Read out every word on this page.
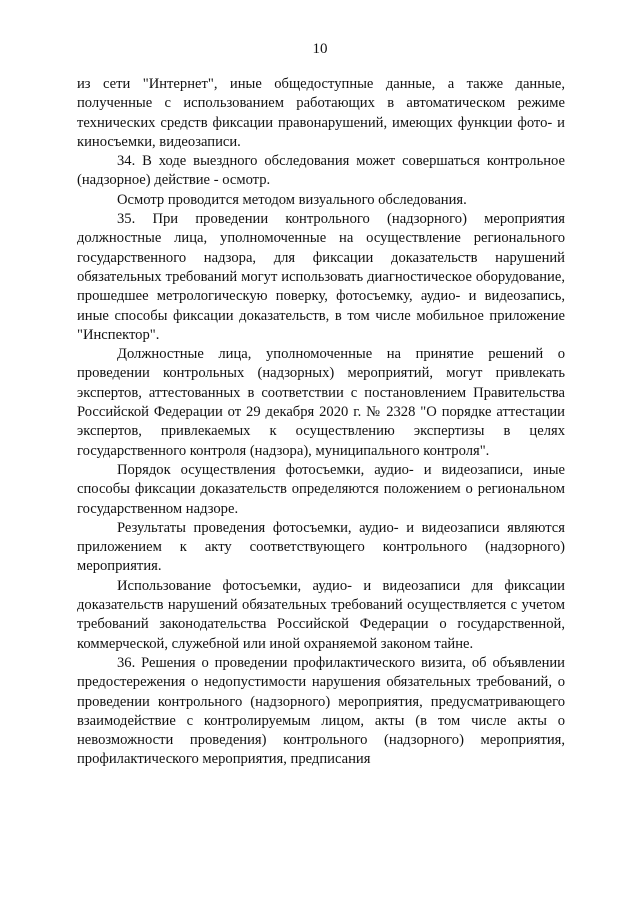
10

из сети "Интернет", иные общедоступные данные, а также данные, полученные с использованием работающих в автоматическом режиме технических средств фиксации правонарушений, имеющих функции фото- и киносъемки, видеозаписи.

34. В ходе выездного обследования может совершаться контрольное (надзорное) действие - осмотр.

Осмотр проводится методом визуального обследования.

35. При проведении контрольного (надзорного) мероприятия должностные лица, уполномоченные на осуществление регионального государственного надзора, для фиксации доказательств нарушений обязательных требований могут использовать диагностическое оборудование, прошедшее метрологическую поверку, фотосъемку, аудио- и видеозапись, иные способы фиксации доказательств, в том числе мобильное приложение "Инспектор".

Должностные лица, уполномоченные на принятие решений о проведении контрольных (надзорных) мероприятий, могут привлекать экспертов, аттестованных в соответствии с постановлением Правительства Российской Федерации от 29 декабря 2020 г. № 2328 "О порядке аттестации экспертов, привлекаемых к осуществлению экспертизы в целях государственного контроля (надзора), муниципального контроля".

Порядок осуществления фотосъемки, аудио- и видеозаписи, иные способы фиксации доказательств определяются положением о региональном государственном надзоре.

Результаты проведения фотосъемки, аудио- и видеозаписи являются приложением к акту соответствующего контрольного (надзорного) мероприятия.

Использование фотосъемки, аудио- и видеозаписи для фиксации доказательств нарушений обязательных требований осуществляется с учетом требований законодательства Российской Федерации о государственной, коммерческой, служебной или иной охраняемой законом тайне.

36. Решения о проведении профилактического визита, об объявлении предостережения о недопустимости нарушения обязательных требований, о проведении контрольного (надзорного) мероприятия, предусматривающего взаимодействие с контролируемым лицом, акты (в том числе акты о невозможности проведения) контрольного (надзорного) мероприятия, профилактического мероприятия, предписания
